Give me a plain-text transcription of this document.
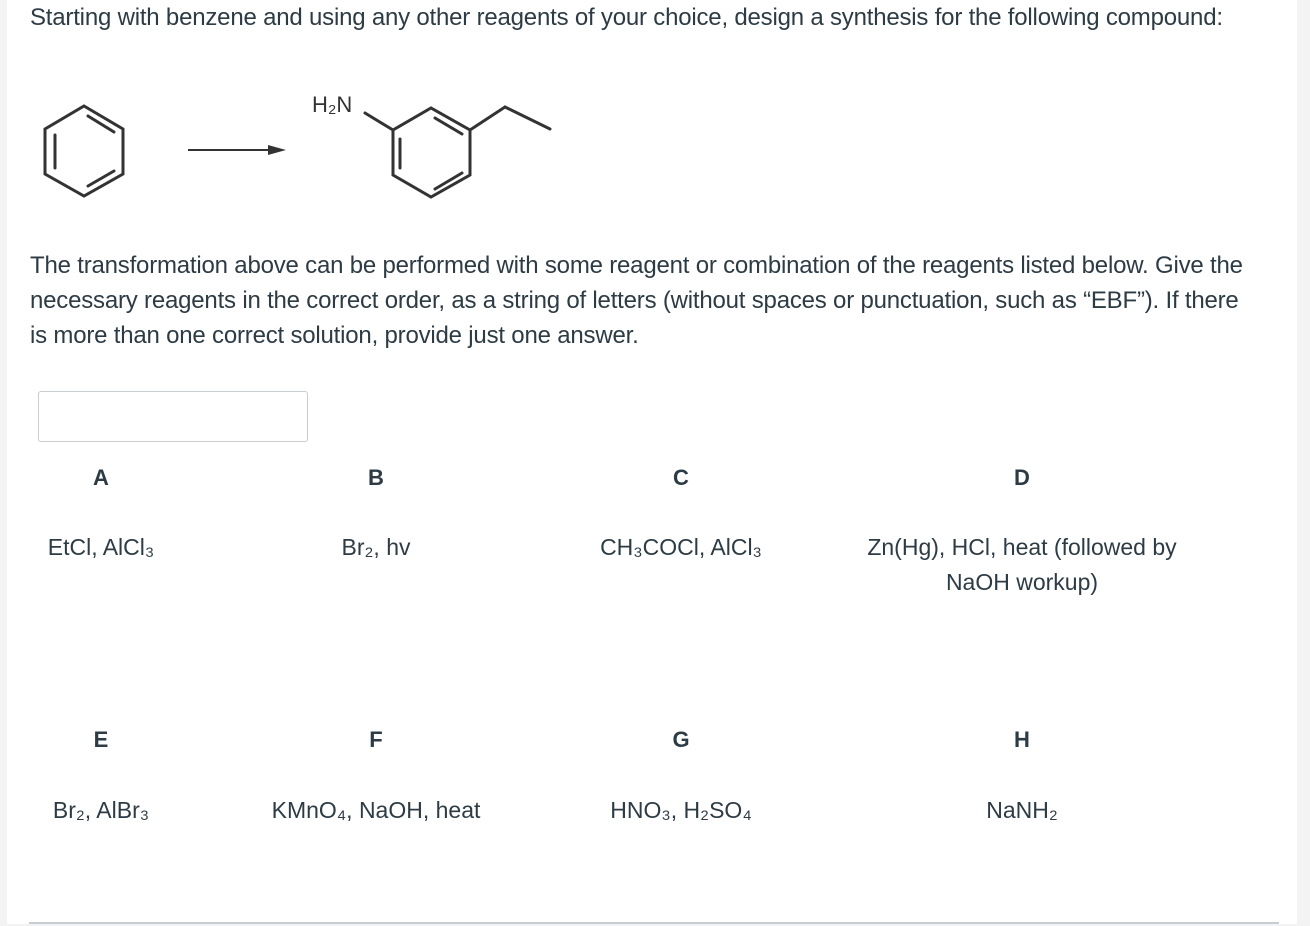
Starting with benzene and using any other reagents of your choice, design a synthesis for the following compound:

H₂N

The transformation above can be performed with some reagent or combination of the reagents listed below. Give the necessary reagents in the correct order, as a string of letters (without spaces or punctuation, such as “EBF”). If there is more than one correct solution, provide just one answer.

A
EtCl, AlCl₃
B
Br₂, hv
C
CH₃COCl, AlCl₃
D
Zn(Hg), HCl, heat (followed by NaOH workup)
E
Br₂, AlBr₃
F
KMnO₄, NaOH, heat
G
HNO₃, H₂SO₄
H
NaNH₂
